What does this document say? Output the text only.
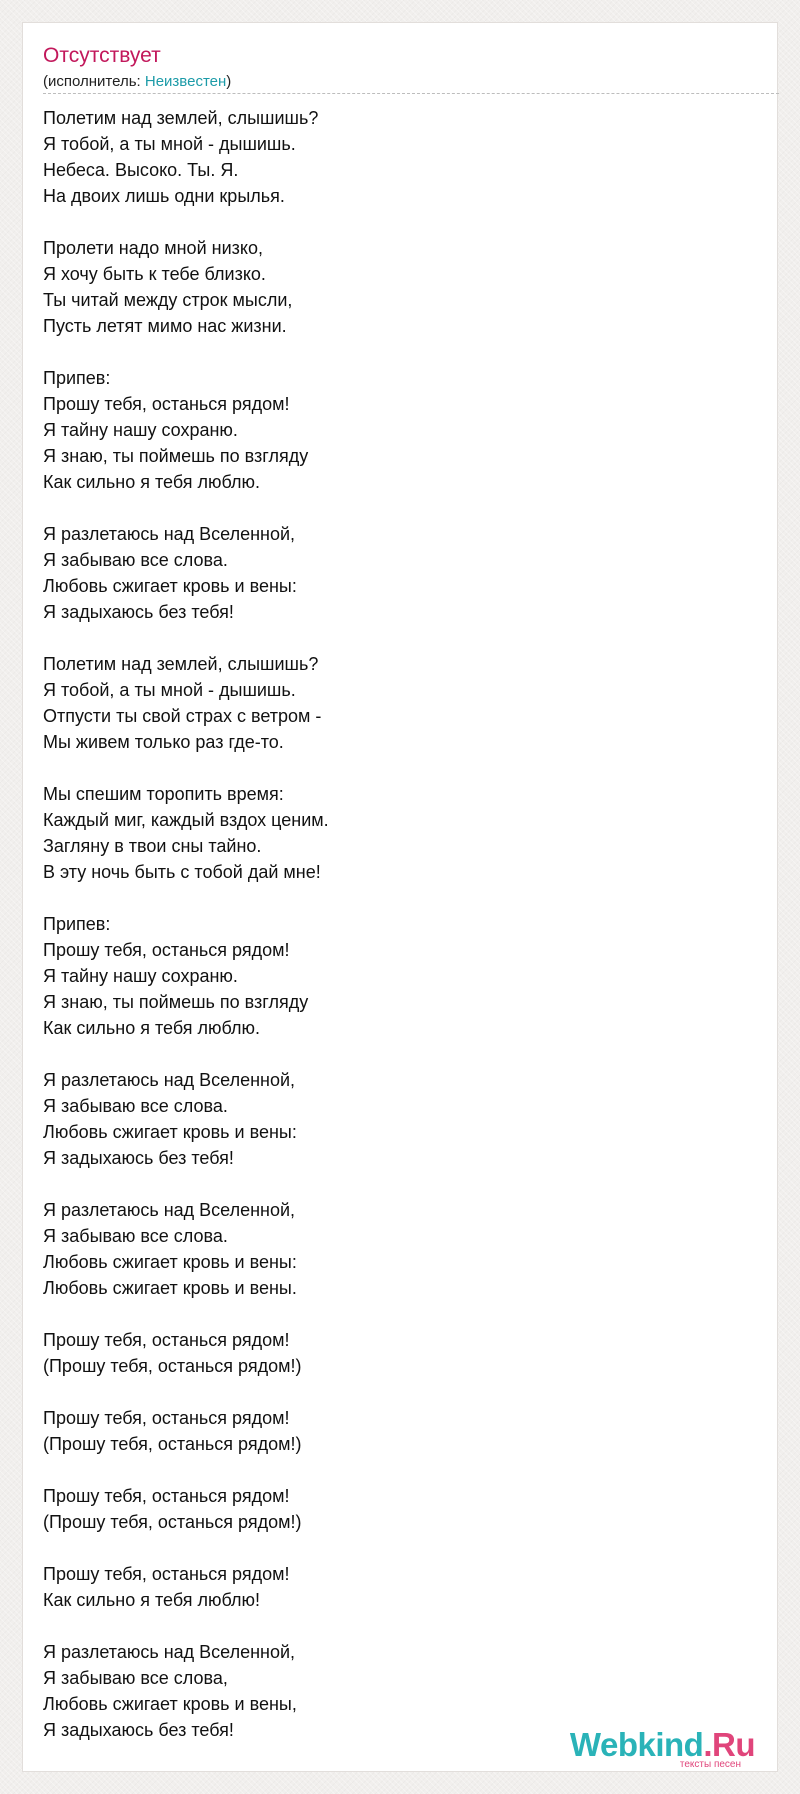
Отсутствует
(исполнитель: Неизвестен)
Полетим над землей, слышишь?
Я тобой, а ты мной - дышишь.
Небеса. Высоко. Ты. Я.
На двоих лишь одни крылья.
Пролети надо мной низко,
Я хочу быть к тебе близко.
Ты читай между строк мысли,
Пусть летят мимо нас жизни.
Припев:
Прошу тебя, останься рядом!
Я тайну нашу сохраню.
Я знаю, ты поймешь по взгляду
Как сильно я тебя люблю.
Я разлетаюсь над Вселенной,
Я забываю все слова.
Любовь сжигает кровь и вены:
Я задыхаюсь без тебя!
Полетим над землей, слышишь?
Я тобой, а ты мной - дышишь.
Отпусти ты свой страх с ветром -
Мы живем только раз где-то.
Мы спешим торопить время:
Каждый миг, каждый вздох ценим.
Загляну в твои сны тайно.
В эту ночь быть с тобой дай мне!
Припев:
Прошу тебя, останься рядом!
Я тайну нашу сохраню.
Я знаю, ты поймешь по взгляду
Как сильно я тебя люблю.
Я разлетаюсь над Вселенной,
Я забываю все слова.
Любовь сжигает кровь и вены:
Я задыхаюсь без тебя!
Я разлетаюсь над Вселенной,
Я забываю все слова.
Любовь сжигает кровь и вены:
Любовь сжигает кровь и вены.
Прошу тебя, останься рядом!
(Прошу тебя, останься рядом!)
Прошу тебя, останься рядом!
(Прошу тебя, останься рядом!)
Прошу тебя, останься рядом!
(Прошу тебя, останься рядом!)
Прошу тебя, останься рядом!
Как сильно я тебя люблю!
Я разлетаюсь над Вселенной,
Я забываю все слова,
Любовь сжигает кровь и вены,
Я задыхаюсь без тебя!	Webkind.Ru
тексты песен
